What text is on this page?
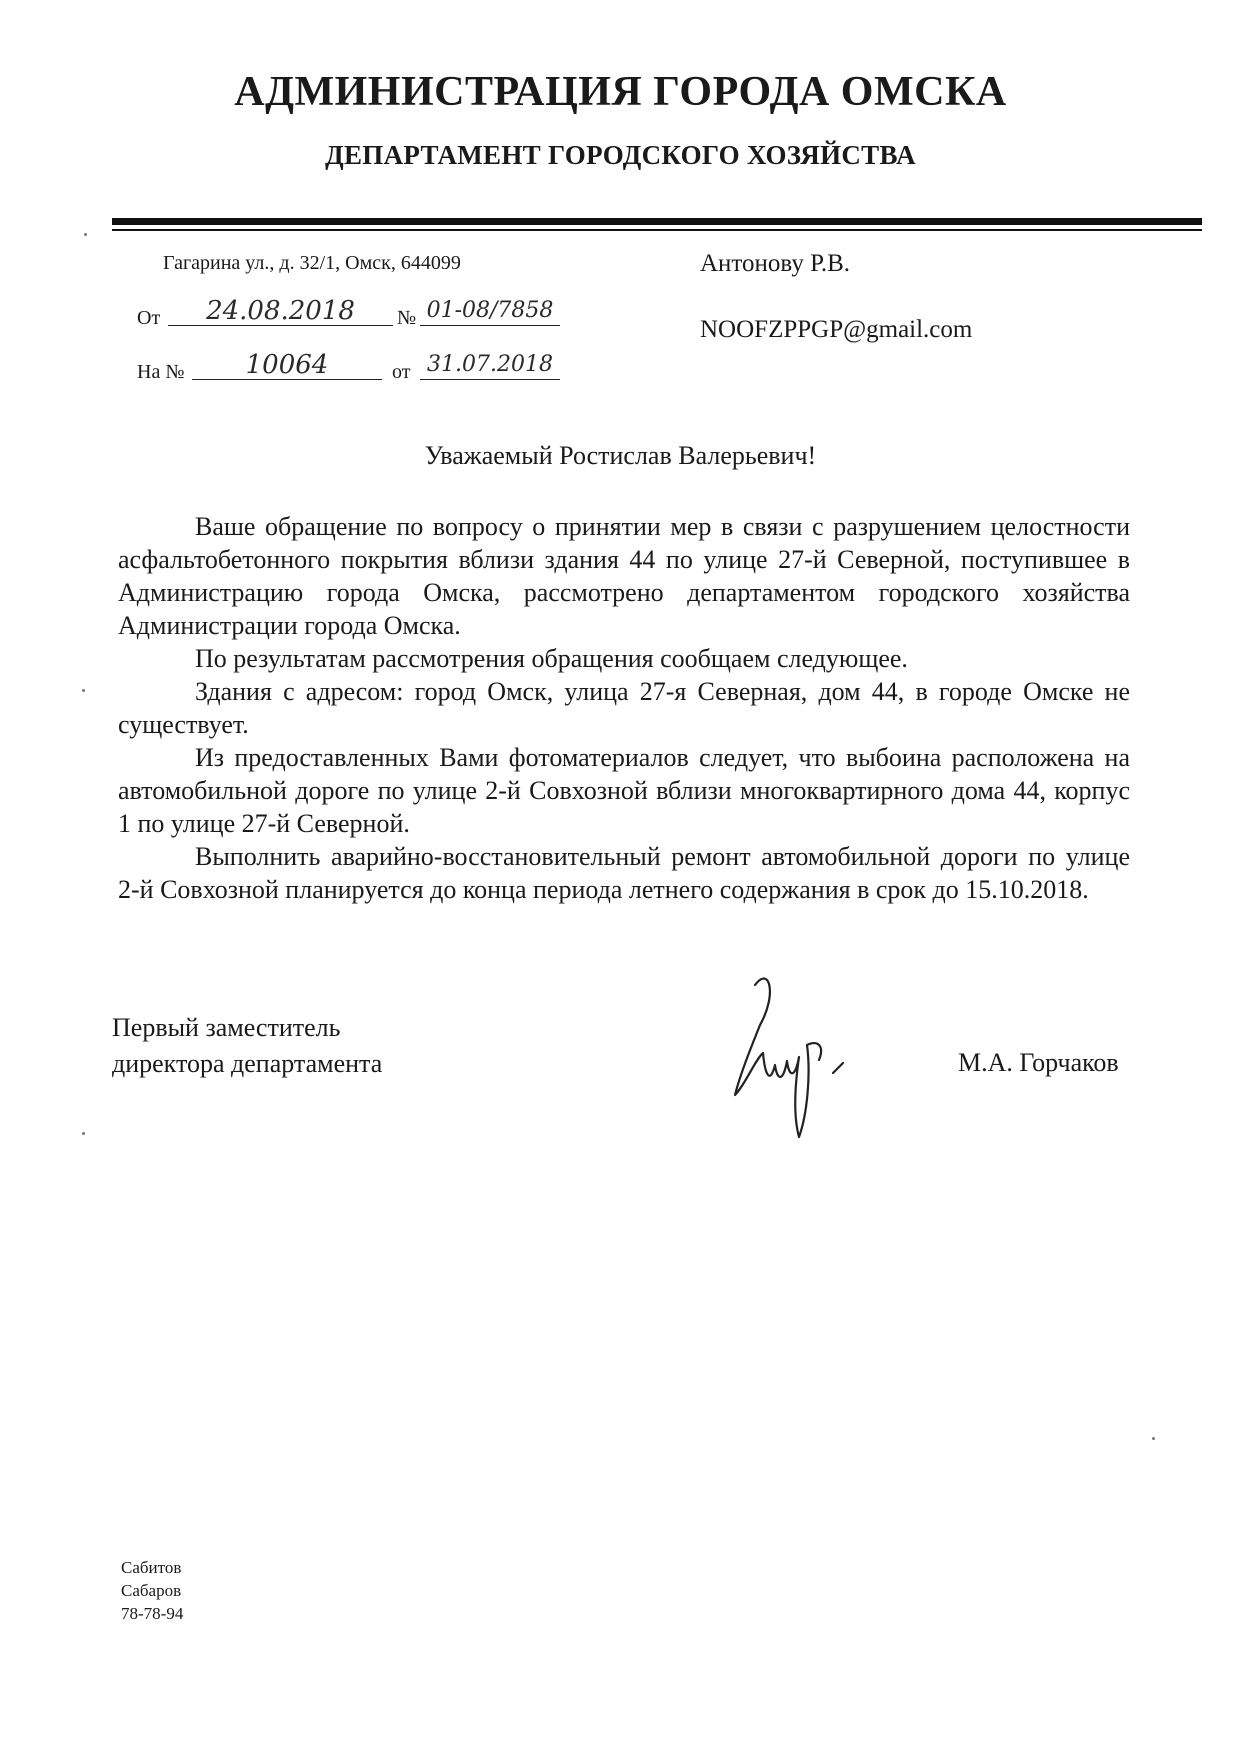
АДМИНИСТРАЦИЯ ГОРОДА ОМСКА
ДЕПАРТАМЕНТ ГОРОДСКОГО ХОЗЯЙСТВА
Гагарина ул., д. 32/1, Омск, 644099
От	24.08.2018	№ 01-08/7858
На №	10064	от 31.07.2018
Антонову Р.В.
NOOFZPPGP@gmail.com
Уважаемый Ростислав Валерьевич!

Ваше обращение по вопросу о принятии мер в связи с разрушением целостности асфальтобетонного покрытия вблизи здания 44 по улице 27-й Северной, поступившее в Администрацию города Омска, рассмотрено департаментом городского хозяйства Администрации города Омска.

По результатам рассмотрения обращения сообщаем следующее.

Здания с адресом: город Омск, улица 27-я Северная, дом 44, в городе Омске не существует.

Из предоставленных Вами фотоматериалов следует, что выбоина расположена на автомобильной дороге по улице 2-й Совхозной вблизи многоквартирного дома 44, корпус 1 по улице 27-й Северной.

Выполнить аварийно-восстановительный ремонт автомобильной дороги по улице 2-й Совхозной планируется до конца периода летнего содержания в срок до 15.10.2018.

Первый заместитель
директора департамента	М.А. Горчаков
Сабитов
Сабаров
78-78-94
